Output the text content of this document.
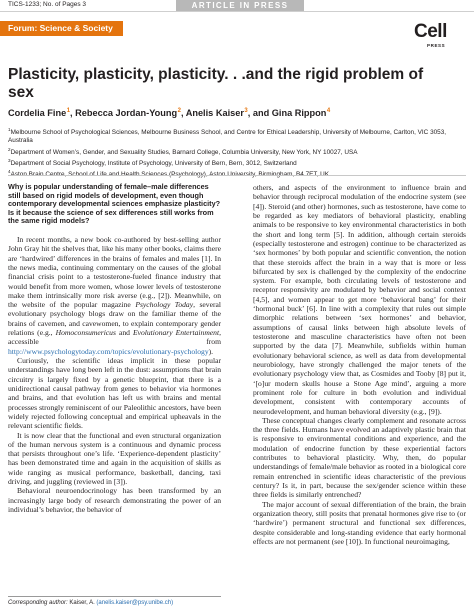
TICS-1233; No. of Pages 3	ARTICLE IN PRESS
Forum: Science & Society	Cell
PRESS
Plasticity, plasticity, plasticity. . .and the rigid problem of sex
Cordelia Fine$^1$, Rebecca Jordan-Young$^2$, Anelis Kaiser$^3$, and Gina Rippon$^4$

$^1$Melbourne School of Psychological Sciences, Melbourne Business School, and Centre for Ethical Leadership, University of Melbourne, Carlton, VIC 3053, Australia

$^2$Department of Women’s, Gender, and Sexuality Studies, Barnard College, Columbia University, New York, NY 10027, USA

$^3$Department of Social Psychology, Institute of Psychology, University of Bern, Bern, 3012, Switzerland

$^4$

Why is popular understanding of female–male differences still based on rigid models of development, even though contemporary developmental sciences emphasize plasticity? Is it because the science of sex differences still works from the same rigid models?

In recent months, a new book co-authored by best-selling author John Gray hit the shelves that, like his many other books, claims there are ‘hardwired’ differences in the brains of females and males [1]. In the news media, continuing commentary on the causes of the global financial crisis point to a testosterone-fueled finance industry that would benefit from more women, whose lower levels of testosterone make them intrinsically more risk averse (e.g., [2]). Meanwhile, on the website of the popular magazine Psychology Today, several evolutionary psychology blogs draw on the familiar theme of the brains of cavemen, and cavewomen, to explain contemporary gender relations (e.g., Homoconsumericus and Evolutionary Entertainment, accessible from http://www.psychologytoday.com/topics/evolutionary-psychology).

Curiously, the scientific ideas implicit in these popular understandings have long been left in the dust: assumptions that brain circuitry is largely fixed by a genetic blueprint, that there is a unidirectional causal pathway from genes to behavior via hormones and brains, and that evolution has left us with brains and mental processes strongly reminiscent of our Paleolithic ancestors, have been widely rejected following conceptual and empirical upheavals in the relevant scientific fields.

It is now clear that the functional and even structural organization of the human nervous system is a continuous and dynamic process that persists throughout one’s life. ‘Experience-dependent plasticity’ has been demonstrated time and again in the acquisition of skills as wide ranging as musical performance, basketball, dancing, taxi driving, and juggling (reviewed in [3]).

Behavioral neuroendocrinology has been transformed by an increasingly large body of research demonstrating the power of an individual’s behavior, the behavior of

others, and aspects of the environment to influence brain and behavior through reciprocal modulation of the endocrine system (see [4]). Steroid (and other) hormones, such as testosterone, have come to be regarded as key mediators of behavioral plasticity, enabling animals to be responsive to key environmental characteristics in both the short and long term [5]. In addition, although certain steroids (especially testosterone and estrogen) continue to be characterized as ‘sex hormones’ by both popular and scientific convention, the notion that these steroids affect the brain in a way that is more or less bifurcated by sex is challenged by the complexity of the endocrine system. For example, both circulating levels of testosterone and receptor responsivity are modulated by behavior and social context [4,5], and women appear to get more ‘behavioral bang’ for their ‘hormonal buck’ [6]. In line with a complexity that rules out simple dimorphic relations between ‘sex hormones’ and behavior, assumptions of causal links between high absolute levels of testosterone and masculine characteristics have often not been supported by the data [7]. Meanwhile, subfields within human evolutionary behavioral science, as well as data from developmental neurobiology, have strongly challenged the major tenets of the evolutionary psychology view that, as Cosmides and Tooby [8] put it, ‘[o]ur modern skulls house a Stone Age mind’, arguing a more prominent role for culture in both evolution and individual development, consistent with contemporary accounts of neurodevelopment, and human behavioral diversity (e.g., [9]).

These conceptual changes clearly complement and resonate across the three fields. Humans have evolved an adaptively plastic brain that is responsive to environmental conditions and experience, and the modulation of endocrine function by these experiential factors contributes to behavioral plasticity. Why, then, do popular understandings of female/male behavior as rooted in a biological core remain entrenched in scientific ideas characteristic of the previous century? Is it, in part, because the sex/gender science within these three fields is similarly entrenched?

The major account of sexual differentiation of the brain, the brain organization theory, still posits that prenatal hormones give rise to (or ‘hardwire’) permanent structural and functional sex differences, despite considerable and long-standing evidence that early hormonal effects are not permanent (see [10]). In functional neuroimaging,

Corresponding author: Kaiser, A. (anelis.kaiser@psy.unibe.ch)
